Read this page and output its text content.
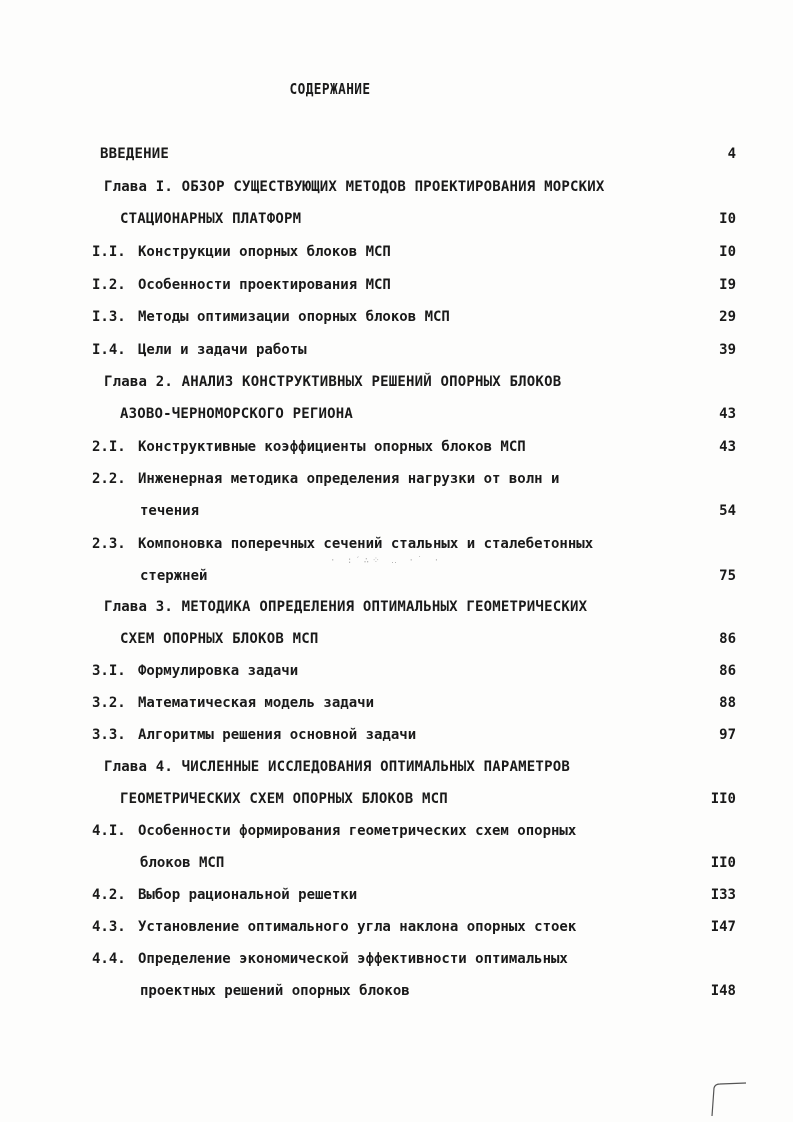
СОДЕРЖАНИЕ
ВВЕДЕНИЕ	4
Глава I. ОБЗОР СУЩЕСТВУЮЩИХ МЕТОДОВ ПРОЕКТИРОВАНИЯ МОРСКИХ
СТАЦИОНАРНЫХ ПЛАТФОРМ	I0
I.I. Конструкции опорных блоков МСП	I0
I.2. Особенности проектирования МСП	I9
I.3. Методы оптимизации опорных блоков МСП	29
I.4. Цели и задачи работы	39
Глава 2. АНАЛИЗ КОНСТРУКТИВНЫХ РЕШЕНИЙ ОПОРНЫХ БЛОКОВ
АЗОВО-ЧЕРНОМОРСКОГО РЕГИОНА	43
2.I. Конструктивные коэффициенты опорных блоков МСП	43
2.2. Инженерная методика определения нагрузки от волн и
течения	54
2.3. Компоновка поперечных сечений стальных и сталебетонных
· :′∴⁘ ‥ ·˙ ·
стержней	75
Глава 3. МЕТОДИКА ОПРЕДЕЛЕНИЯ ОПТИМАЛЬНЫХ ГЕОМЕТРИЧЕСКИХ
СХЕМ ОПОРНЫХ БЛОКОВ МСП	86
3.I. Формулировка задачи	86
3.2. Математическая модель задачи	88
3.3. Алгоритмы решения основной задачи	97
Глава 4. ЧИСЛЕННЫЕ ИССЛЕДОВАНИЯ ОПТИМАЛЬНЫХ ПАРАМЕТРОВ
ГЕОМЕТРИЧЕСКИХ СХЕМ ОПОРНЫХ БЛОКОВ МСП	II0
4.I. Особенности формирования геометрических схем опорных
блоков МСП	II0
4.2. Выбор рациональной решетки	I33
4.3. Установление оптимального угла наклона опорных стоек	I47
4.4. Определение экономической эффективности оптимальных
проектных решений опорных блоков	I48
